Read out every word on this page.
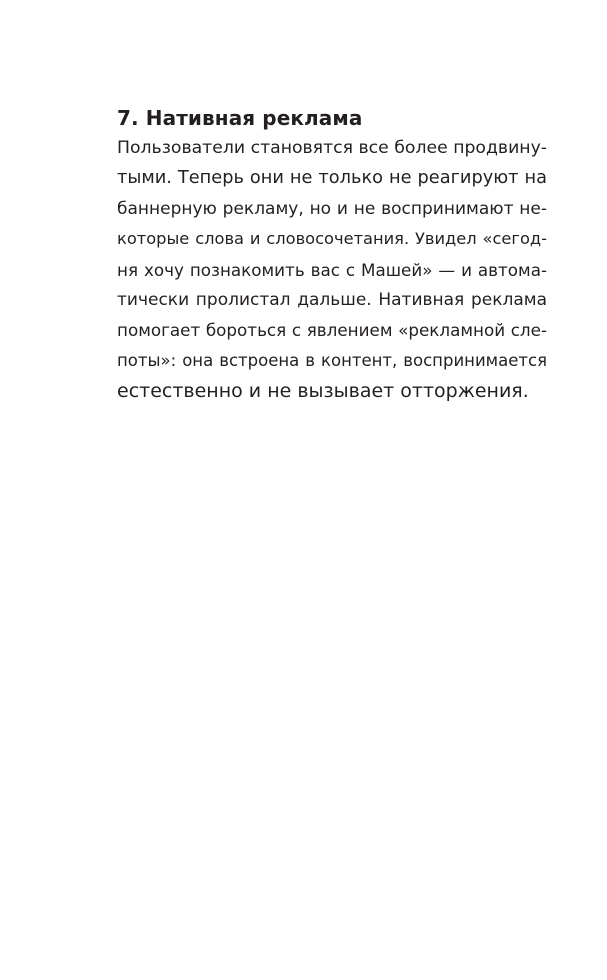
7. Нативная реклама
Пользователи становятся все более продвину-
тыми. Теперь они не только не реагируют на
баннерную рекламу, но и не воспринимают не-
которые слова и словосочетания. Увидел «сегод-
ня хочу познакомить вас с Машей» — и автома-
тически пролистал дальше. Нативная реклама
помогает бороться с явлением «рекламной сле-
поты»: она встроена в контент, воспринимается
естественно и не вызывает отторжения.
